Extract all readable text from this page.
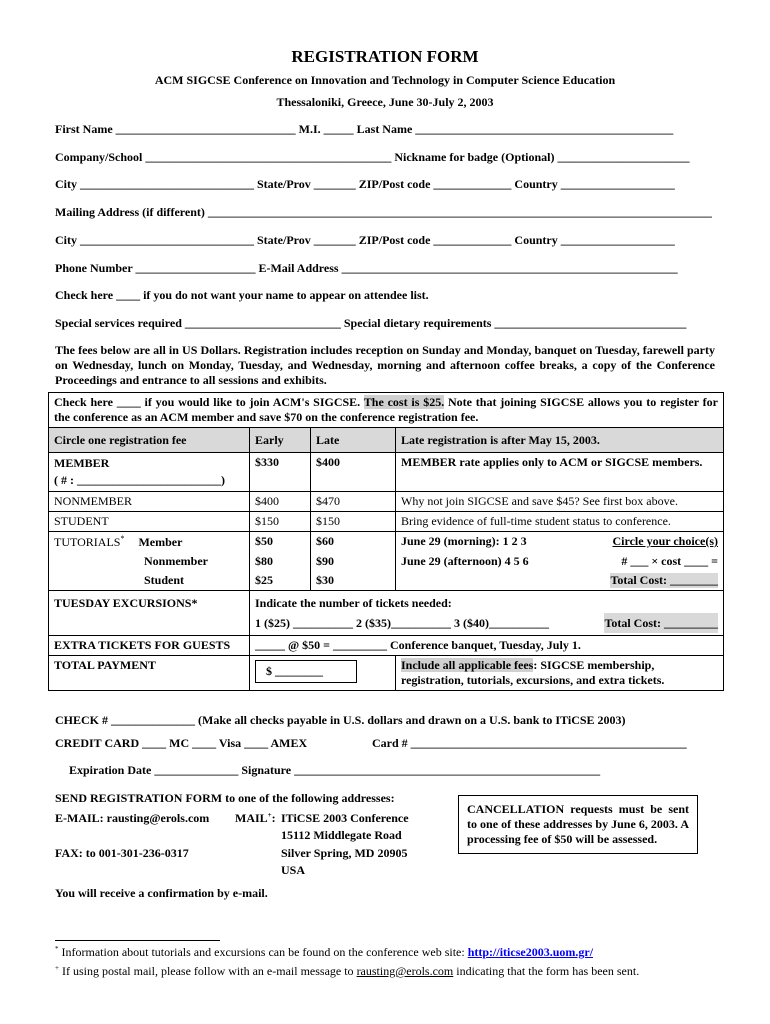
REGISTRATION FORM
ACM SIGCSE Conference on Innovation and Technology in Computer Science Education
Thessaloniki, Greece, June 30-July 2, 2003
First Name ______________________________ M.I. _____ Last Name ___________________________________________
Company/School _________________________________________ Nickname for badge (Optional) ______________________
City _____________________________ State/Prov _______ ZIP/Post code _____________ Country ___________________
Mailing Address (if different) ____________________________________________________________________________________
City _____________________________ State/Prov _______ ZIP/Post code _____________ Country ___________________
Phone Number ____________________ E-Mail Address ________________________________________________________
Check here ____ if you do not want your name to appear on attendee list.
Special services required __________________________ Special dietary requirements ________________________________
The fees below are all in US Dollars. Registration includes reception on Sunday and Monday, banquet on Tuesday, farewell party on Wednesday, lunch on Monday, Tuesday, and Wednesday, morning and afternoon coffee breaks, a copy of the Conference Proceedings and entrance to all sessions and exhibits.
Check here ____ if you would like to join ACM's SIGCSE. The cost is $25. Note that joining SIGCSE allows you to register for the conference as an ACM member and save $70 on the conference registration fee.			
Circle one registration fee	Early	Late	Late registration is after May 15, 2003.

MEMBER
( # : ________________________)	$330	$400	MEMBER rate applies only to ACM or SIGCSE members.
NONMEMBER	$400	$470	Why not join SIGCSE and save $45? See first box above.
STUDENT	$150	$150	Bring evidence of full-time student status to conference.
TUTORIALS* Member	$50	$60	June 29 (morning): 1 2 3 Circle your choice(s)

Nonmember	$80	$90	June 29 (afternoon) 4 5 6 # ___ × cost ____ =

Student	$25	$30	Total Cost: ________

TUESDAY EXCURSIONS*	Indicate the number of tickets needed:
1 ($25) __________ 2 ($35)__________ 3 ($40)__________ Total Cost: _________		

EXTRA TICKETS FOR GUESTS	_____ @ $50 = _________ Conference banquet, Tuesday, July 1.		
TOTAL PAYMENT	$ ________		Include all applicable fees: SIGCSE membership, registration, tutorials, excursions, and extra tickets.
CHECK # ______________ (Make all checks payable in U.S. dollars and drawn on a U.S. bank to ITiCSE 2003)
CREDIT CARD ____ MC ____ Visa ____ AMEX	Card # ______________________________________________
Expiration Date ______________ Signature ___________________________________________________
SEND REGISTRATION FORM to one of the following addresses:
E-MAIL: rausting@erols.com MAIL+: ITiCSE 2003 Conference
15112 Middlegate Road
Silver Spring, MD 20905
USA
FAX: to 001-301-236-0317
CANCELLATION requests must be sent to one of these addresses by June 6, 2003. A processing fee of $50 will be assessed.
You will receive a confirmation by e-mail.
* Information about tutorials and excursions can be found on the conference web site: http://iticse2003.uom.gr/
+ If using postal mail, please follow with an e-mail message to rausting@erols.com indicating that the form has been sent.
